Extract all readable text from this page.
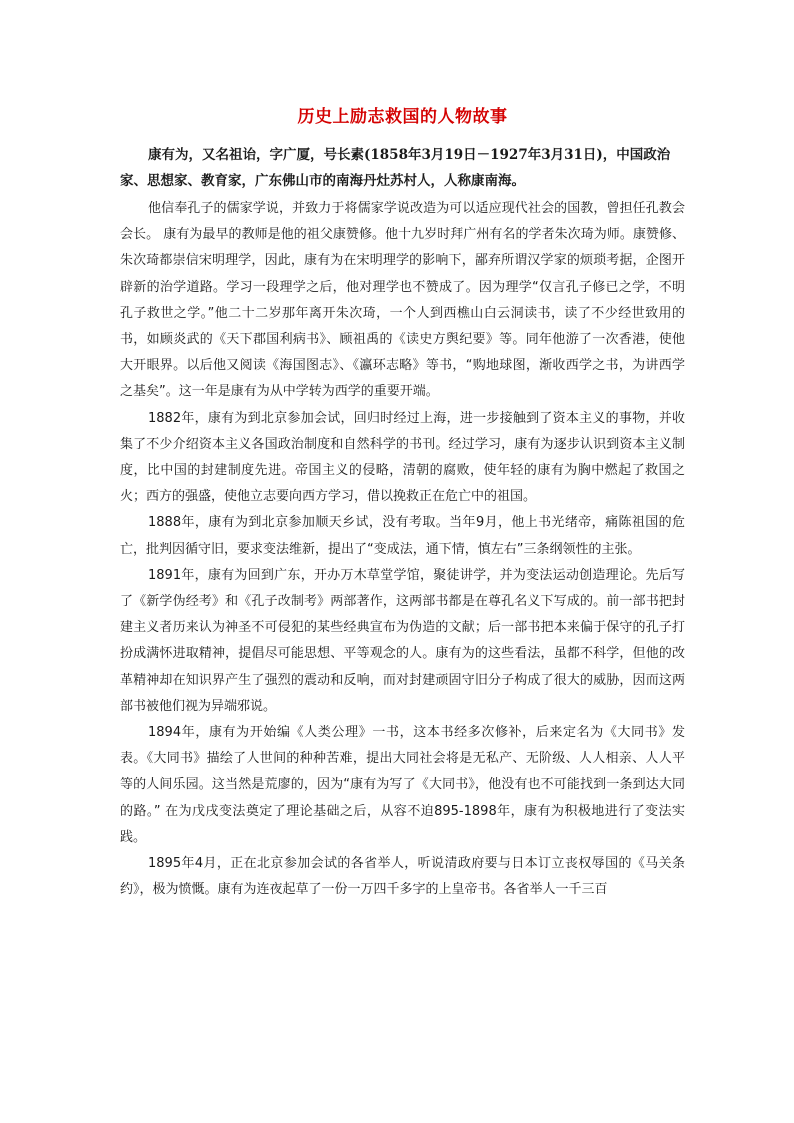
历史上励志救国的人物故事

康有为，又名祖诒，字广厦，号长素(1858年3月19日－1927年3月31日)，中国政治家、思想家、教育家，广东佛山市的南海丹灶苏村人，人称康南海。

他信奉孔子的儒家学说，并致力于将儒家学说改造为可以适应现代社会的国教，曾担任孔教会会长。 康有为最早的教师是他的祖父康赞修。他十九岁时拜广州有名的学者朱次琦为师。康赞修、朱次琦都崇信宋明理学，因此，康有为在宋明理学的影响下，鄙弃所谓汉学家的烦琐考据，企图开辟新的治学道路。学习一段理学之后，他对理学也不赞成了。因为理学“仅言孔子修已之学，不明孔子救世之学。”他二十二岁那年离开朱次琦，一个人到西樵山白云洞读书，读了不少经世致用的书，如顾炎武的《天下郡国利病书》、顾祖禹的《读史方舆纪要》等。同年他游了一次香港，使他大开眼界。以后他又阅读《海国图志》、《瀛环志略》等书，“购地球图，渐收西学之书，为讲西学之基矣”。这一年是康有为从中学转为西学的重要开端。

1882年，康有为到北京参加会试，回归时经过上海，进一步接触到了资本主义的事物，并收集了不少介绍资本主义各国政治制度和自然科学的书刊。经过学习，康有为逐步认识到资本主义制度，比中国的封建制度先进。帝国主义的侵略，清朝的腐败，使年轻的康有为胸中燃起了救国之火；西方的强盛，使他立志要向西方学习，借以挽救正在危亡中的祖国。

1888年，康有为到北京参加顺天乡试，没有考取。当年9月，他上书光绪帝，痛陈祖国的危亡，批判因循守旧，要求变法维新，提出了“变成法，通下情，慎左右”三条纲领性的主张。

1891年，康有为回到广东，开办万木草堂学馆，聚徒讲学，并为变法运动创造理论。先后写了《新学伪经考》和《孔子改制考》两部著作，这两部书都是在尊孔名义下写成的。前一部书把封建主义者历来认为神圣不可侵犯的某些经典宣布为伪造的文献；后一部书把本来偏于保守的孔子打扮成满怀进取精神，提倡尽可能思想、平等观念的人。康有为的这些看法，虽都不科学，但他的改革精神却在知识界产生了强烈的震动和反响，而对封建顽固守旧分子构成了很大的威胁，因而这两部书被他们视为异端邪说。

1894年，康有为开始编《人类公理》一书，这本书经多次修补，后来定名为《大同书》发表。《大同书》描绘了人世间的种种苦难，提出大同社会将是无私产、无阶级、人人相亲、人人平等的人间乐园。这当然是荒廖的，因为“康有为写了《大同书》，他没有也不可能找到一条到达大同的路。” 在为戊戌变法奠定了理论基础之后，从容不迫895-1898年，康有为积极地进行了变法实践。

1895年4月，正在北京参加会试的各省举人，听说清政府要与日本订立丧权辱国的《马关条约》，极为愤慨。康有为连夜起草了一份一万四千多字的上皇帝书。各省举人一千三百
